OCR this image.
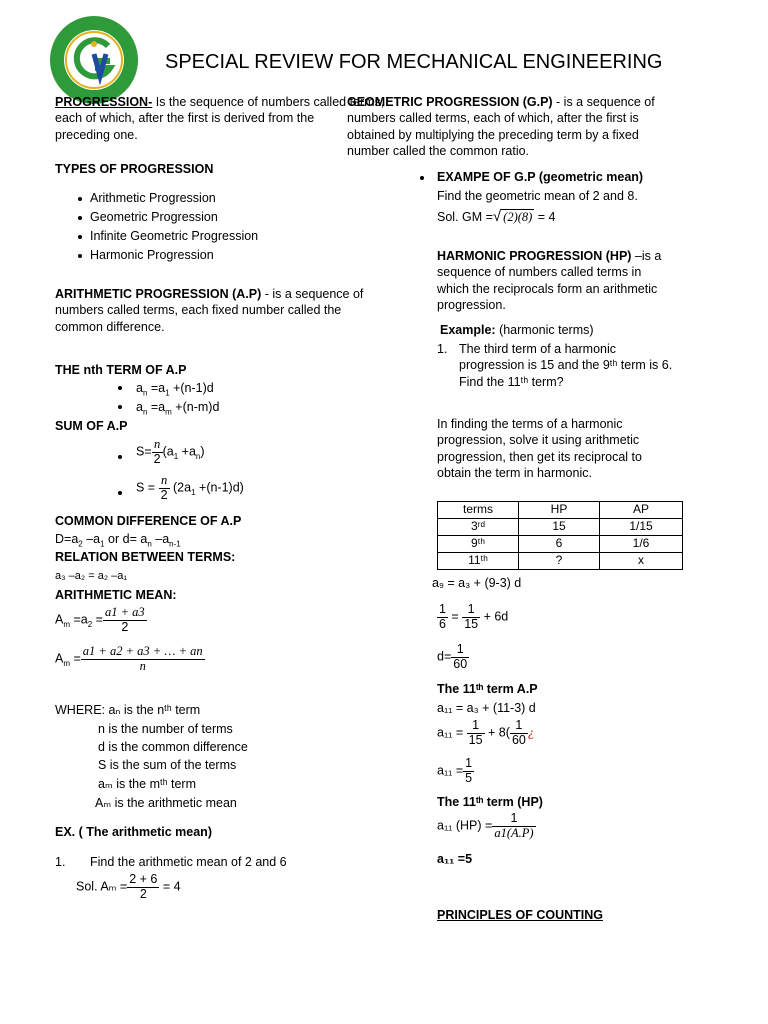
SPECIAL REVIEW FOR MECHANICAL ENGINEERING
PROGRESSION- Is the sequence of numbers called terms,
each of which, after the first is derived from the
preceding one.
TYPES OF PROGRESSION
Arithmetic Progression
Geometric Progression
Infinite Geometric Progression
Harmonic Progression
ARITHMETIC PROGRESSION (A.P) - is a sequence of
numbers called terms, each fixed number called the
common difference.
THE nth TERM OF A.P
$a_n =a_1 +(n-1)d$
$a_n =a_m +(n-m)d$
SUM OF A.P
$S= \frac{n}{2} (a_1 +a_n)$
$S = \frac{n}{2} (2a_1 +(n-1)d)$
COMMON DIFFERENCE OF A.P
$D=a_2$ $-a_1$ or $d= a_n$ $-a_{n-1}$
RELATION BETWEEN TERMS:
a₃ –a₂ = a₂ –a₁
ARITHMETIC MEAN:
$A_m =a_2 = \frac{a1 + a3}{2}$
$A_m = \frac{a1 + a2 + a3 + \dots + an}{n}$
WHERE: aₙ is the nᵗʰ term
n is the number of terms
d is the common difference
S is the sum of the terms
aₘ is the mᵗʰ term
Aₘ is the arithmetic mean
EX. ( The arithmetic mean)
1. Find the arithmetic mean of 2 and 6
Sol. $A_m = \frac{2 + 6}{2} = 4$
GEOMETRIC PROGRESSION (G.P) - is a sequence of
numbers called terms, each of which, after the first is
obtained by multiplying the preceding term by a fixed
number called the common ratio.
EXAMPE OF G.P (geometric mean)
Find the geometric mean of 2 and 8.
Sol. GM =√ (2)(8) = 4
HARMONIC PROGRESSION (HP) –is a
sequence of numbers called terms in
which the reciprocals form an arithmetic
progression.
Example: (harmonic terms)
1. The third term of a harmonic
progression is 15 and the 9ᵗʰ term is 6.
Find the 11ᵗʰ term?
In finding the terms of a harmonic
progression, solve it using arithmetic
progression, then get its reciprocal to
obtain the term in harmonic.
terms	HP	AP
3ʳᵈ	15	1/15
9ᵗʰ	6	1/6
11ᵗʰ	?	x
a₉ = a₃ + (9-3) d
$\frac{1}{6} = \frac{1}{15} + 6d$
$d= \frac{1}{60}$
The 11ᵗʰ term A.P
a₁₁ = a₃ + (11-3) d
$a_{11} = \frac{1}{15} + 8( \frac{1}{60}$ ¿
$a_{11} = \frac{1}{5}$
The 11ᵗʰ term (HP)
a₁₁ $(HP) = \frac{1}{a1(A.P)}$
a₁₁ =5
PRINCIPLES OF COUNTING
